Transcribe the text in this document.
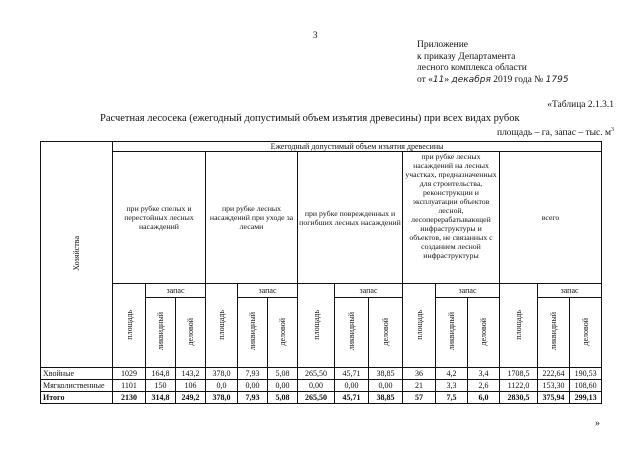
3
Приложение
к приказу Департамента
лесного комплекса области
от «11» декабря 2019 года № 1795
«Таблица 2.1.3.1
Расчетная лесосека (ежегодный допустимый объем изъятия древесины) при всех видах рубок
площадь – га, запас – тыс. $м^3$
Хозяйства	Ежегодный допустимый объем изъятия древесины														
	при рубке спелых и перестойных лесных насаждений			при рубке лесных насаждений при уходе за лесами			при рубке поврежденных и погибших лесных насаждений			при рубке лесных насаждений на лесных участках, предназначенных для строительства, реконструкции и эксплуатации объектов лесной, лесоперерабатывающей инфраструктуры и объектов, не связанных с созданием лесной инфраструктуры			всего		
	площадь	запас		площадь	запас		площадь	запас		площадь	запас		площадь	запас	
		ликвидный	деловой		ликвидный	деловой		ликвидный	деловой		ликвидный	деловой		ликвидный	деловой
Хвойные	1029	164,8	143,2	378,0	7,93	5,08	265,50	45,71	38,85	36	4,2	3,4	1708,5	222,64	190,53
Мягколиственные	1101	150	106	0,0	0,00	0,00	0,00	0,00	0,00	21	3,3	2,6	1122,0	153,30	108,60
Итого	2130	314,8	249,2	378,0	7,93	5,08	265,50	45,71	38,85	57	7,5	6,0	2830,5	375,94	299,13
»
